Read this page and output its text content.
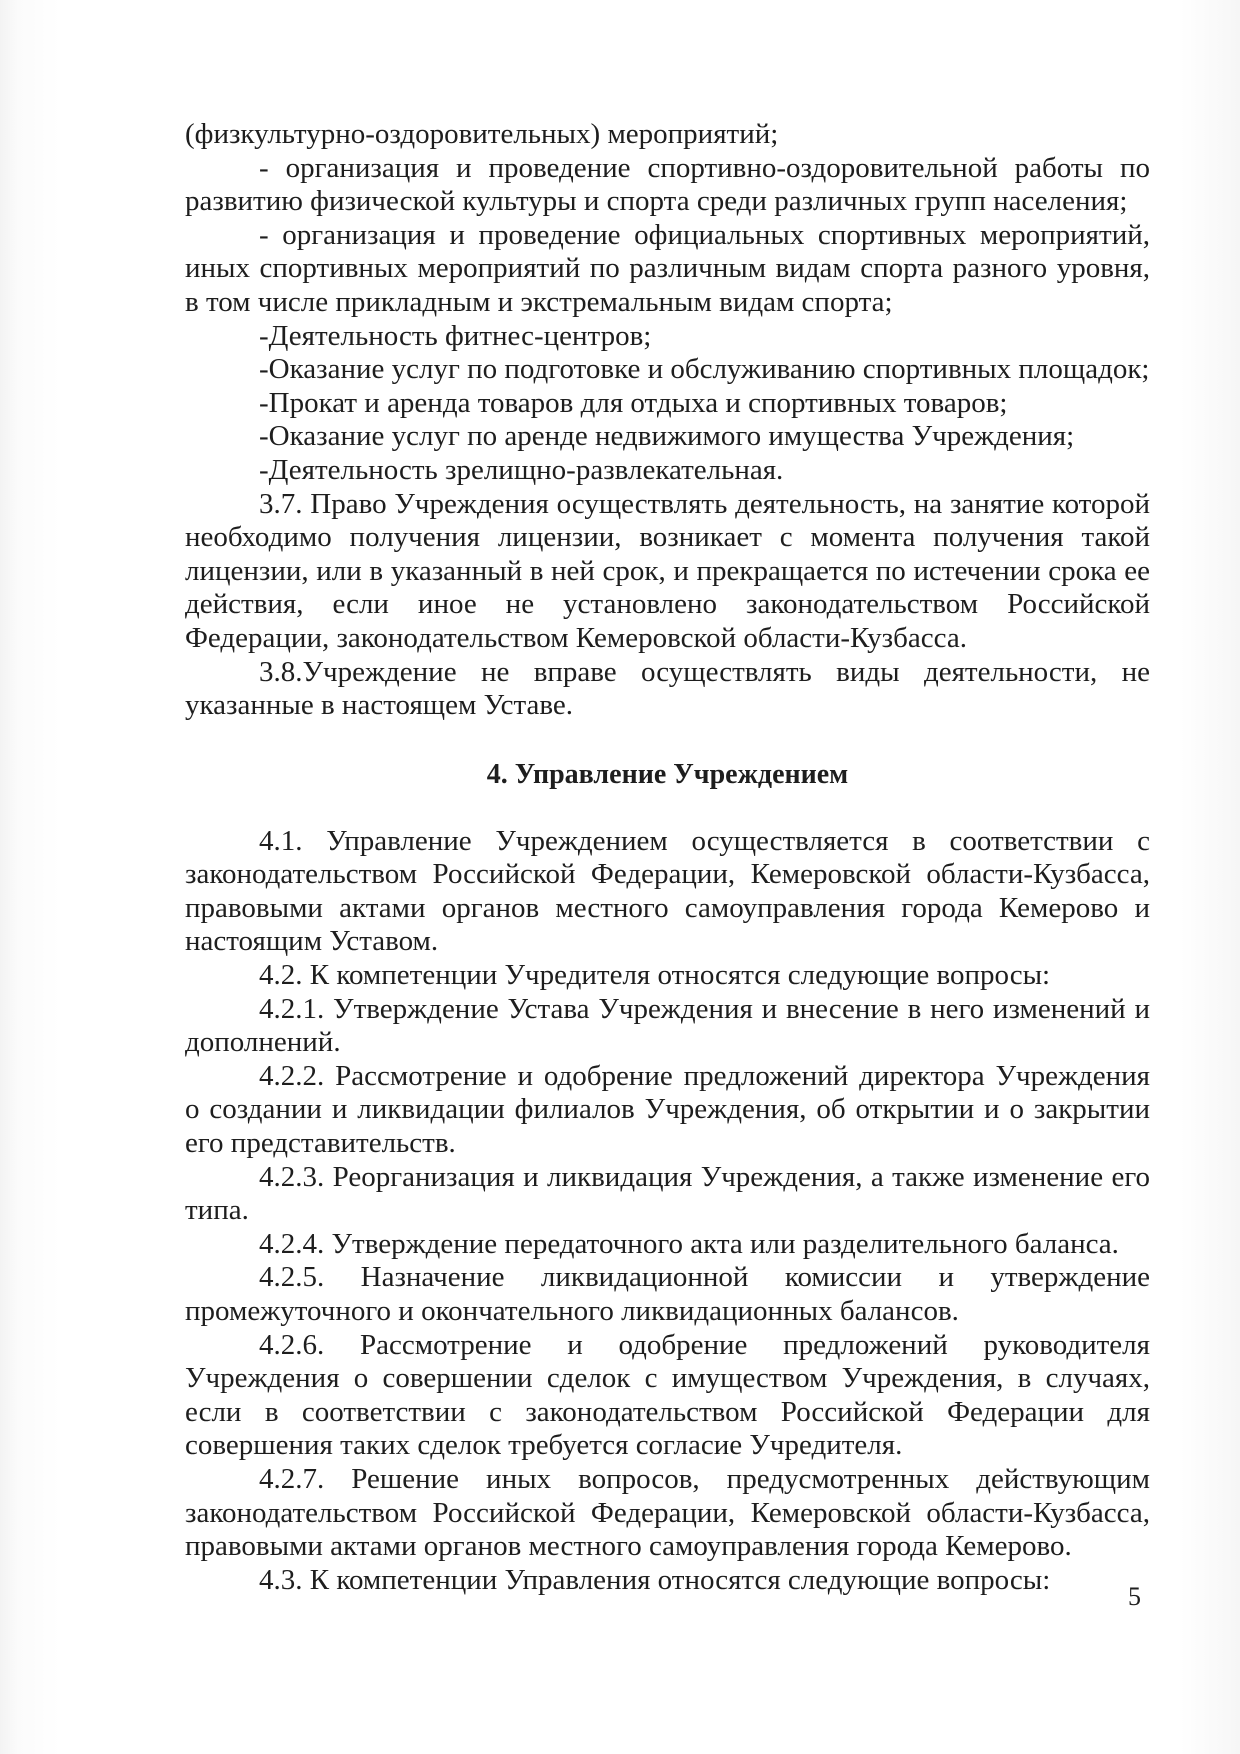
(физкультурно-оздоровительных) мероприятий;

- организация и проведение спортивно-оздоровительной работы по развитию физической культуры и спорта среди различных групп населения;

- организация и проведение официальных спортивных мероприятий, иных спортивных мероприятий по различным видам спорта разного уровня, в том числе прикладным и экстремальным видам спорта;

-Деятельность фитнес-центров;

-Оказание услуг по подготовке и обслуживанию спортивных площадок;

-Прокат и аренда товаров для отдыха и спортивных товаров;

-Оказание услуг по аренде недвижимого имущества Учреждения;

-Деятельность зрелищно-развлекательная.

3.7. Право Учреждения осуществлять деятельность, на занятие которой необходимо получения лицензии, возникает с момента получения такой лицензии, или в указанный в ней срок, и прекращается по истечении срока ее действия, если иное не установлено законодательством Российской Федерации, законодательством Кемеровской области-Кузбасса.

3.8.Учреждение не вправе осуществлять виды деятельности, не указанные в настоящем Уставе.

4. Управление Учреждением

4.1. Управление Учреждением осуществляется в соответствии с законодательством Российской Федерации, Кемеровской области-Кузбасса, правовыми актами органов местного самоуправления города Кемерово и настоящим Уставом.

4.2. К компетенции Учредителя относятся следующие вопросы:

4.2.1. Утверждение Устава Учреждения и внесение в него изменений и дополнений.

4.2.2. Рассмотрение и одобрение предложений директора Учреждения о создании и ликвидации филиалов Учреждения, об открытии и о закрытии его представительств.

4.2.3. Реорганизация и ликвидация Учреждения, а также изменение его типа.

4.2.4. Утверждение передаточного акта или разделительного баланса.

4.2.5. Назначение ликвидационной комиссии и утверждение промежуточного и окончательного ликвидационных балансов.

4.2.6. Рассмотрение и одобрение предложений руководителя Учреждения о совершении сделок с имуществом Учреждения, в случаях, если в соответствии с законодательством Российской Федерации для совершения таких сделок требуется согласие Учредителя.

4.2.7. Решение иных вопросов, предусмотренных действующим законодательством Российской Федерации, Кемеровской области-Кузбасса, правовыми актами органов местного самоуправления города Кемерово.

4.3. К компетенции Управления относятся следующие вопросы:

5
